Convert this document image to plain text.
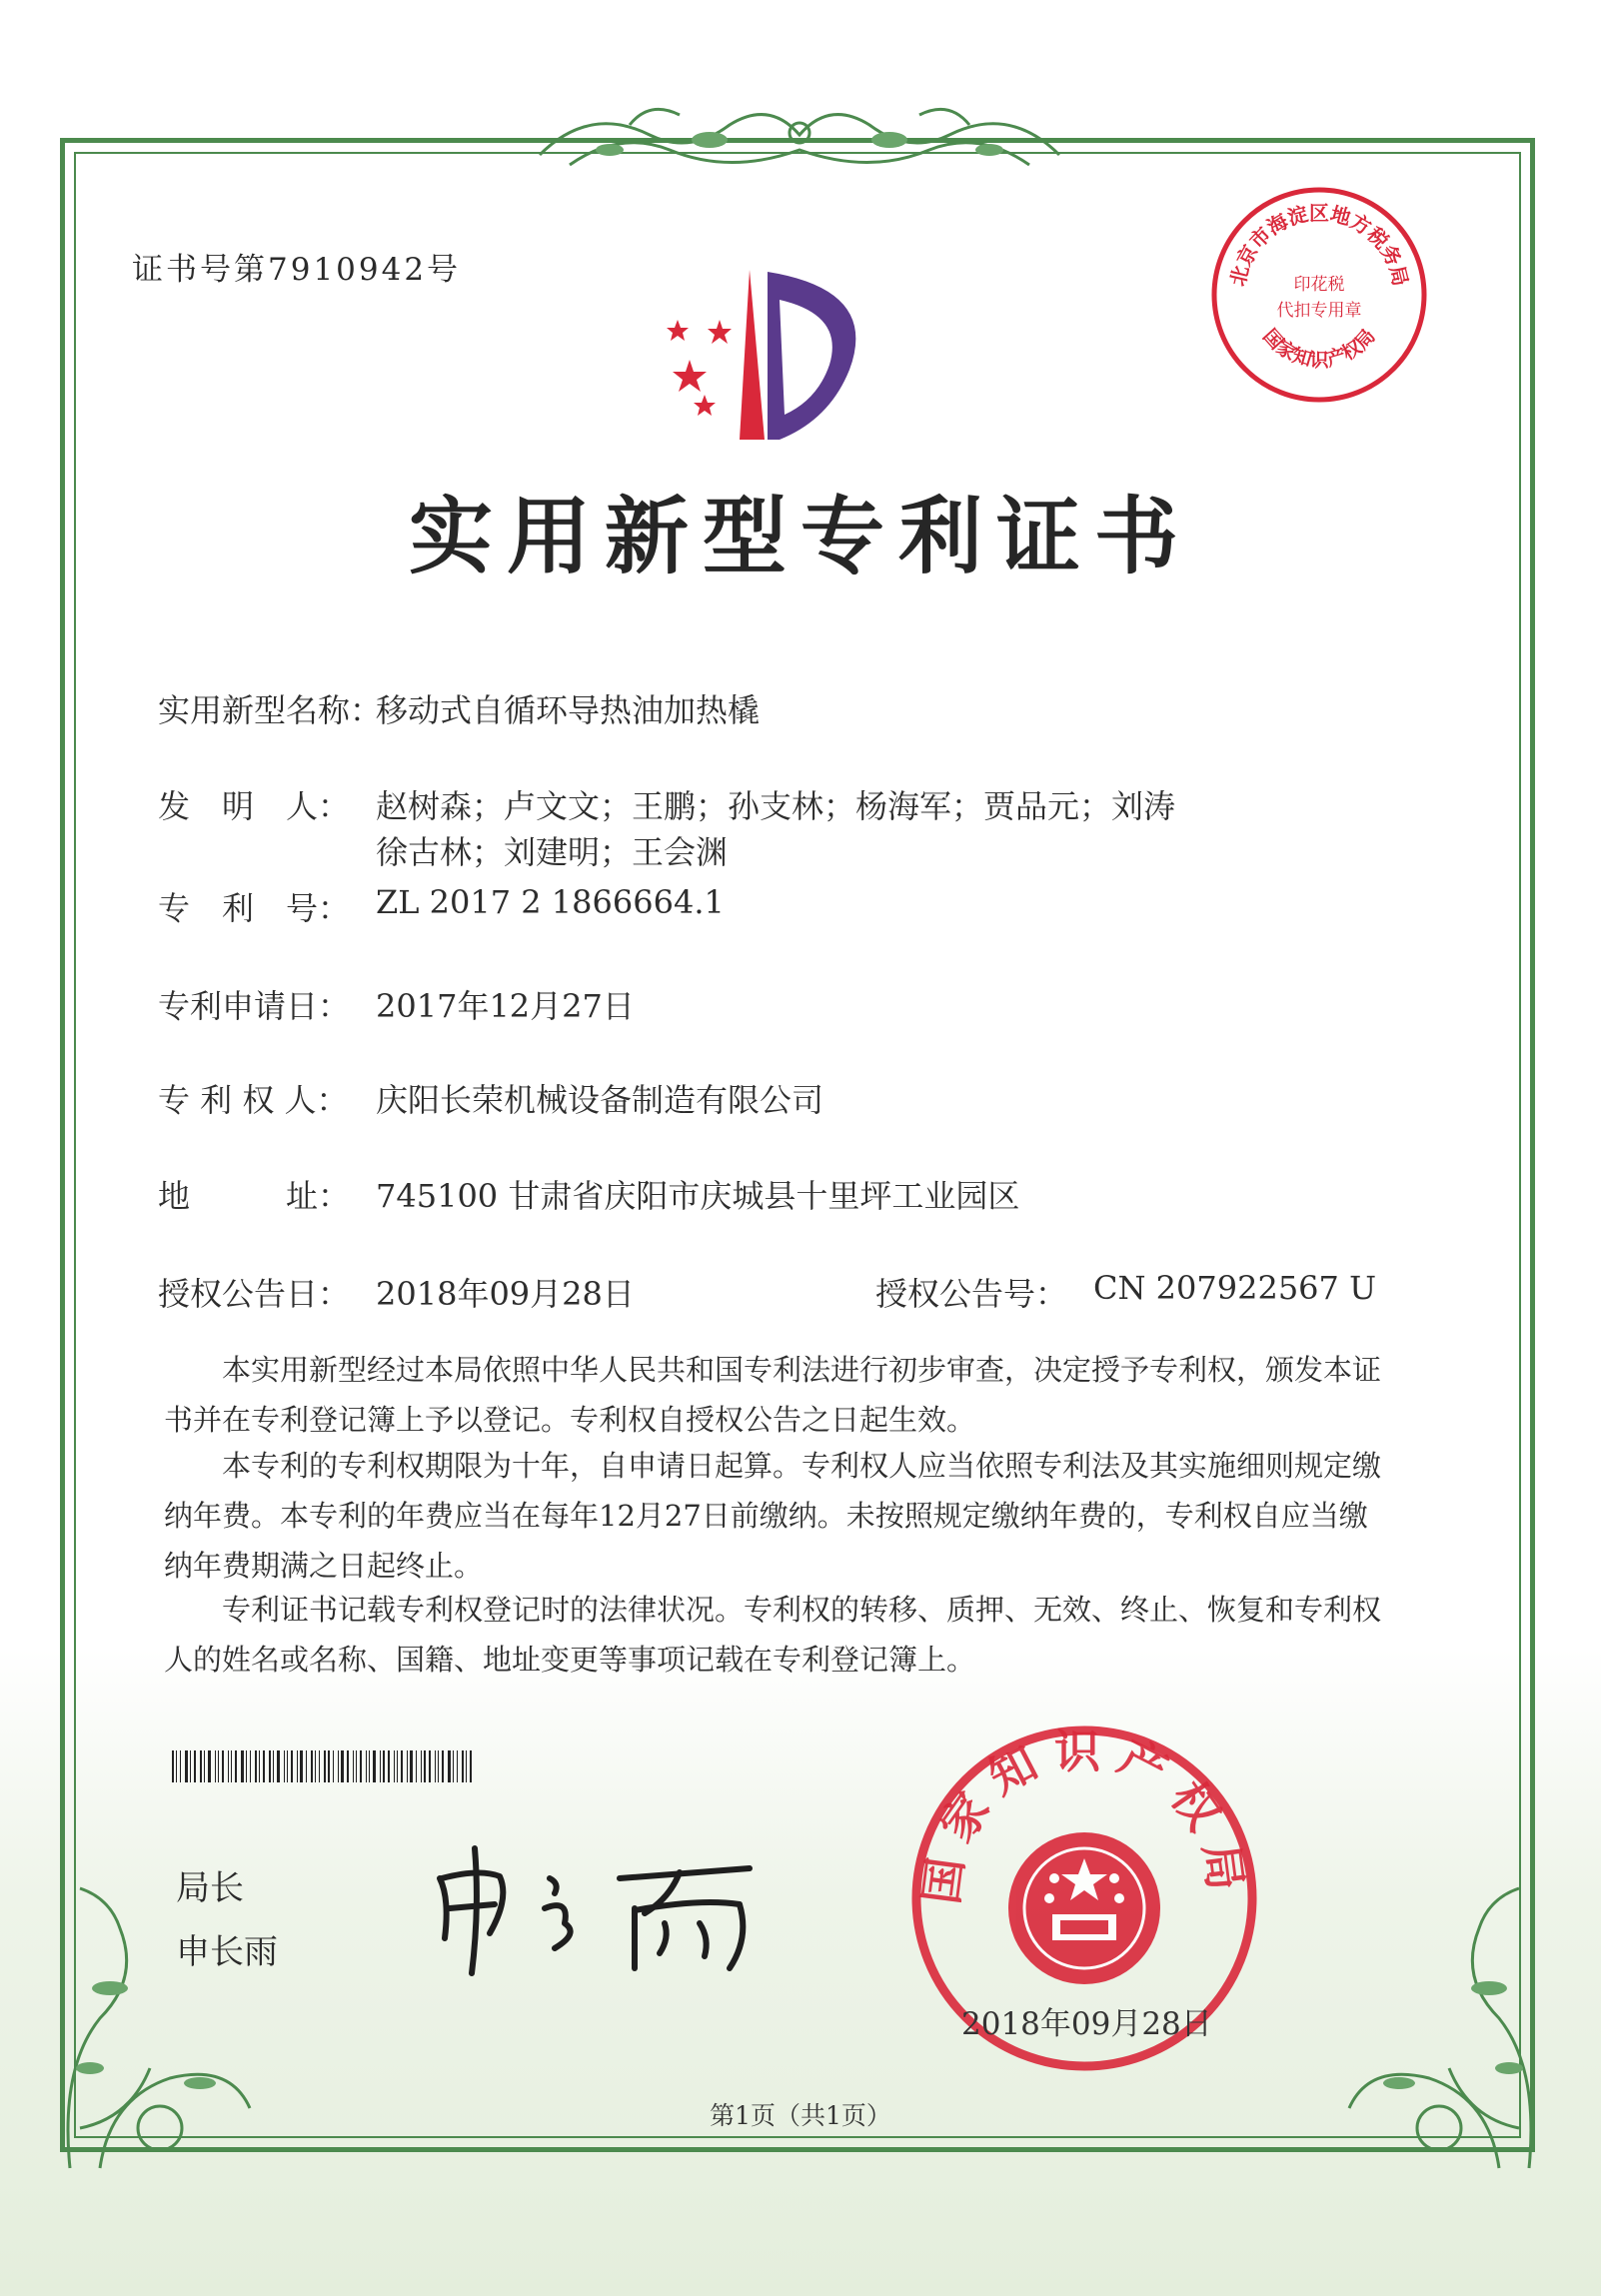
证书号第7910942号
实用新型专利证书
实用新型名称：
移动式自循环导热油加热橇
发　明　人： 赵树森；卢文文；王鹏；孙支林；杨海军；贾品元；刘涛
徐古林；刘建明；王会渊
专　利　号： ZL 2017 2 1866664.1
专利申请日： 2017年12月27日
专 利 权 人： 庆阳长荣机械设备制造有限公司
地　　　址： 745100 甘肃省庆阳市庆城县十里坪工业园区
授权公告日： 2018年09月28日	授权公告号： CN 207922567 U
本实用新型经过本局依照中华人民共和国专利法进行初步审查，决定授予专利权，颁发本证书并在专利登记簿上予以登记。专利权自授权公告之日起生效。
本专利的专利权期限为十年，自申请日起算。专利权人应当依照专利法及其实施细则规定缴纳年费。本专利的年费应当在每年12月27日前缴纳。未按照规定缴纳年费的，专利权自应当缴纳年费期满之日起终止。
专利证书记载专利权登记时的法律状况。专利权的转移、质押、无效、终止、恢复和专利权人的姓名或名称、国籍、地址变更等事项记载在专利登记簿上。
局长
申长雨
北京市海淀区地方税务局
印花税
代扣专用章
国家知识产权局
国家知识产权局
2018年09月28日
第1页（共1页）
